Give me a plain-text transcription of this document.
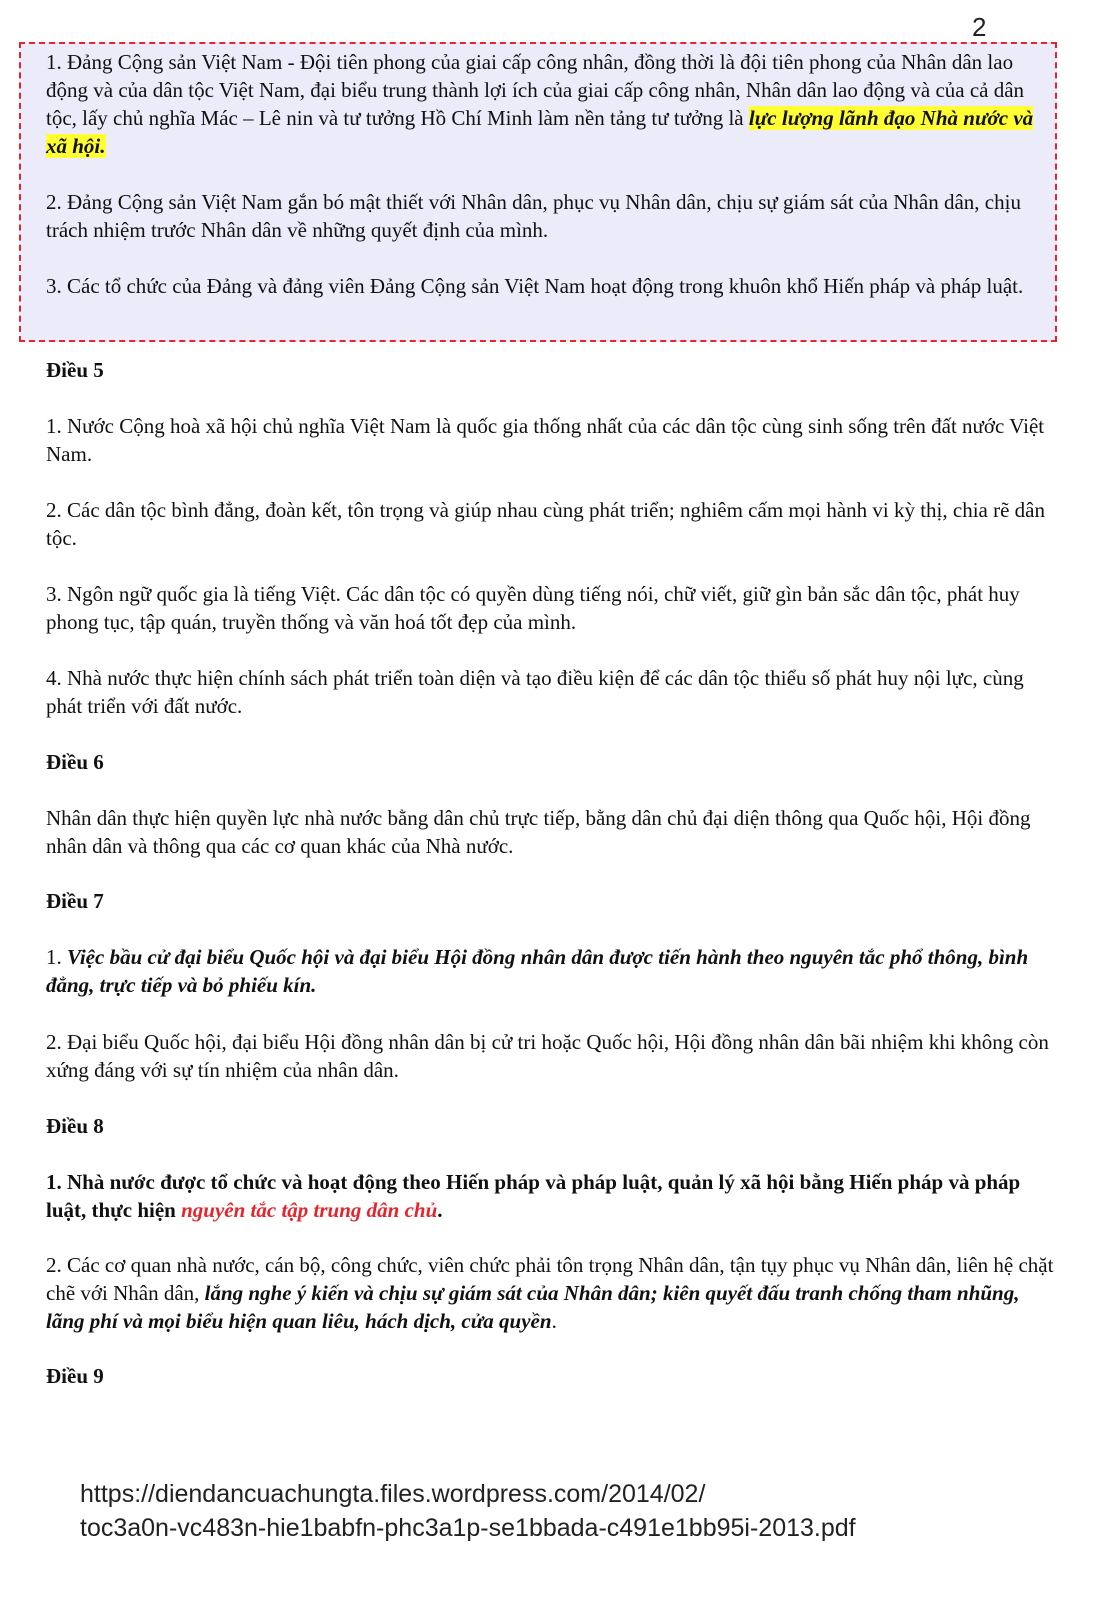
2

1. Đảng Cộng sản Việt Nam - Đội tiên phong của giai cấp công nhân, đồng thời là đội tiên phong của Nhân dân lao động và của dân tộc Việt Nam, đại biểu trung thành lợi ích của giai cấp công nhân, Nhân dân lao động và của cả dân tộc, lấy chủ nghĩa Mác – Lê nin và tư tưởng Hồ Chí Minh làm nền tảng tư tưởng là lực lượng lãnh đạo Nhà nước và xã hội.

2. Đảng Cộng sản Việt Nam gắn bó mật thiết với Nhân dân, phục vụ Nhân dân, chịu sự giám sát của Nhân dân, chịu trách nhiệm trước Nhân dân về những quyết định của mình.

3. Các tổ chức của Đảng và đảng viên Đảng Cộng sản Việt Nam hoạt động trong khuôn khổ Hiến pháp và pháp luật.

Điều 5

1. Nước Cộng hoà xã hội chủ nghĩa Việt Nam là quốc gia thống nhất của các dân tộc cùng sinh sống trên đất nước Việt Nam.

2. Các dân tộc bình đẳng, đoàn kết, tôn trọng và giúp nhau cùng phát triển; nghiêm cấm mọi hành vi kỳ thị, chia rẽ dân tộc.

3. Ngôn ngữ quốc gia là tiếng Việt. Các dân tộc có quyền dùng tiếng nói, chữ viết, giữ gìn bản sắc dân tộc, phát huy phong tục, tập quán, truyền thống và văn hoá tốt đẹp của mình.

4. Nhà nước thực hiện chính sách phát triển toàn diện và tạo điều kiện để các dân tộc thiểu số phát huy nội lực, cùng phát triển với đất nước.

Điều 6

Nhân dân thực hiện quyền lực nhà nước bằng dân chủ trực tiếp, bằng dân chủ đại diện thông qua Quốc hội, Hội đồng nhân dân và thông qua các cơ quan khác của Nhà nước.

Điều 7

1. Việc bầu cử đại biểu Quốc hội và đại biểu Hội đồng nhân dân được tiến hành theo nguyên tắc phổ thông, bình đẳng, trực tiếp và bỏ phiếu kín.

2. Đại biểu Quốc hội, đại biểu Hội đồng nhân dân bị cử tri hoặc Quốc hội, Hội đồng nhân dân bãi nhiệm khi không còn xứng đáng với sự tín nhiệm của nhân dân.

Điều 8

1. Nhà nước được tổ chức và hoạt động theo Hiến pháp và pháp luật, quản lý xã hội bằng Hiến pháp và pháp luật, thực hiện nguyên tắc tập trung dân chủ.

2. Các cơ quan nhà nước, cán bộ, công chức, viên chức phải tôn trọng Nhân dân, tận tụy phục vụ Nhân dân, liên hệ chặt chẽ với Nhân dân, lắng nghe ý kiến và chịu sự giám sát của Nhân dân; kiên quyết đấu tranh chống tham nhũng, lãng phí và mọi biểu hiện quan liêu, hách dịch, cửa quyền.

Điều 9

https://diendancuachungta.files.wordpress.com/2014/02/
toc3a0n-vc483n-hie1babfn-phc3a1p-se1bbada-c491e1bb95i-2013.pdf
